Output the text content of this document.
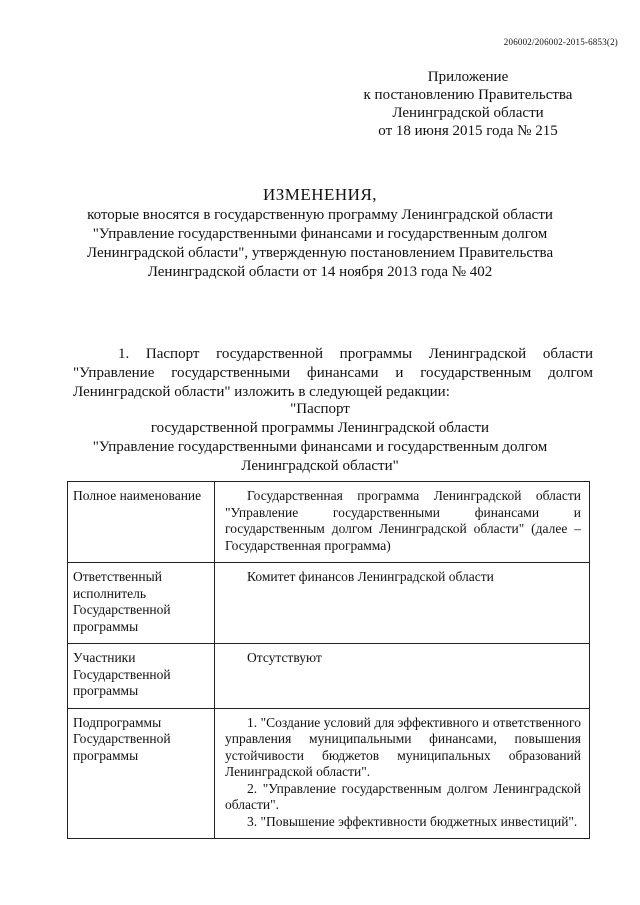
206002/206002-2015-6853(2)
Приложение
к постановлению Правительства
Ленинградской области
от 18 июня 2015 года № 215
ИЗМЕНЕНИЯ,
которые вносятся в государственную программу Ленинградской области
"Управление государственными финансами и государственным долгом
Ленинградской области", утвержденную постановлением Правительства
Ленинградской области от 14 ноября 2013 года № 402

1. Паспорт государственной программы Ленинградской области "Управление государственными финансами и государственным долгом Ленинградской области" изложить в следующей редакции:

"Паспорт
государственной программы Ленинградской области
"Управление государственными финансами и государственным долгом
Ленинградской области"
Полное наименование	Государственная программа Ленинградской области "Управление государственными финансами и государственным долгом Ленинградской области" (далее – Государственная программа)

Ответственный исполнитель Государственной программы	Комитет финансов Ленинградской области

Участники Государственной программы	Отсутствуют

Подпрограммы Государственной программы	1. "Создание условий для эффективного и ответственного управления муниципальными финансами, повышения устойчивости бюджетов муниципальных образований Ленинградской области".

2. "Управление государственным долгом Ленинградской области".

3. "Повышение эффективности бюджетных инвестиций".
